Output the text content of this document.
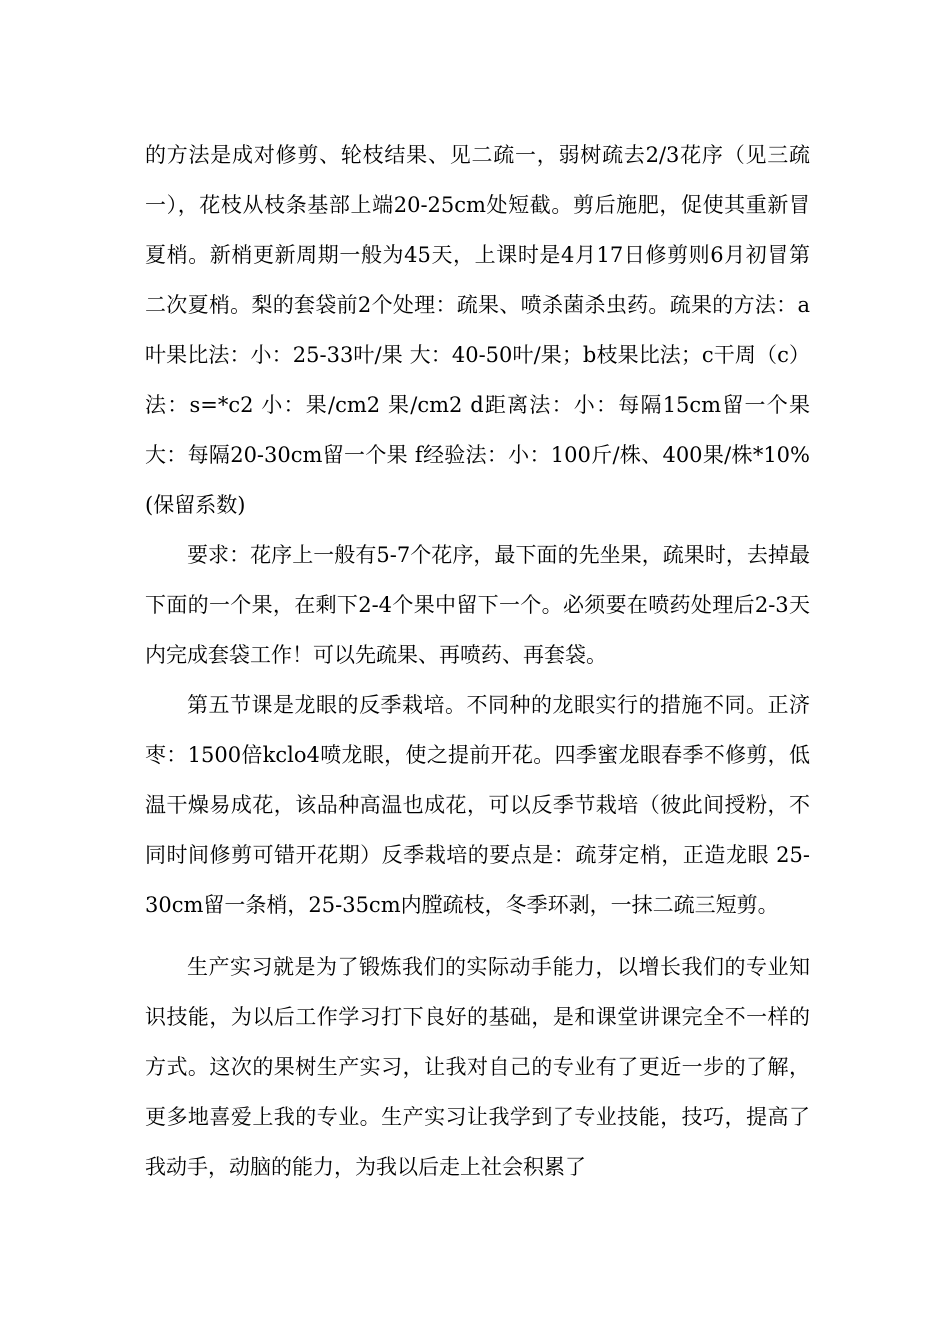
的方法是成对修剪、轮枝结果、见二疏一，弱树疏去2/3花序（见三疏一），花枝从枝条基部上端20-25cm处短截。剪后施肥，促使其重新冒夏梢。新梢更新周期一般为45天，上课时是4月17日修剪则6月初冒第二次夏梢。梨的套袋前2个处理：疏果、喷杀菌杀虫药。疏果的方法：a叶果比法：小：25-33叶/果 大：40-50叶/果；b枝果比法；c干周（c）法：s=*c2 小：果/cm2 果/cm2 d距离法：小：每隔15cm留一个果 大：每隔20-30cm留一个果 f经验法：小：100斤/株、400果/株*10%(保留系数)

要求：花序上一般有5-7个花序，最下面的先坐果，疏果时，去掉最下面的一个果，在剩下2-4个果中留下一个。必须要在喷药处理后2-3天内完成套袋工作！可以先疏果、再喷药、再套袋。

第五节课是龙眼的反季栽培。不同种的龙眼实行的措施不同。正济枣：1500倍kclo4喷龙眼，使之提前开花。四季蜜龙眼春季不修剪，低温干燥易成花，该品种高温也成花，可以反季节栽培（彼此间授粉，不同时间修剪可错开花期）反季栽培的要点是：疏芽定梢，正造龙眼 25-30cm留一条梢，25-35cm内膛疏枝，冬季环剥，一抹二疏三短剪。

生产实习就是为了锻炼我们的实际动手能力，以增长我们的专业知识技能，为以后工作学习打下良好的基础，是和课堂讲课完全不一样的方式。这次的果树生产实习，让我对自己的专业有了更近一步的了解，更多地喜爱上我的专业。生产实习让我学到了专业技能，技巧，提高了我动手，动脑的能力，为我以后走上社会积累了
